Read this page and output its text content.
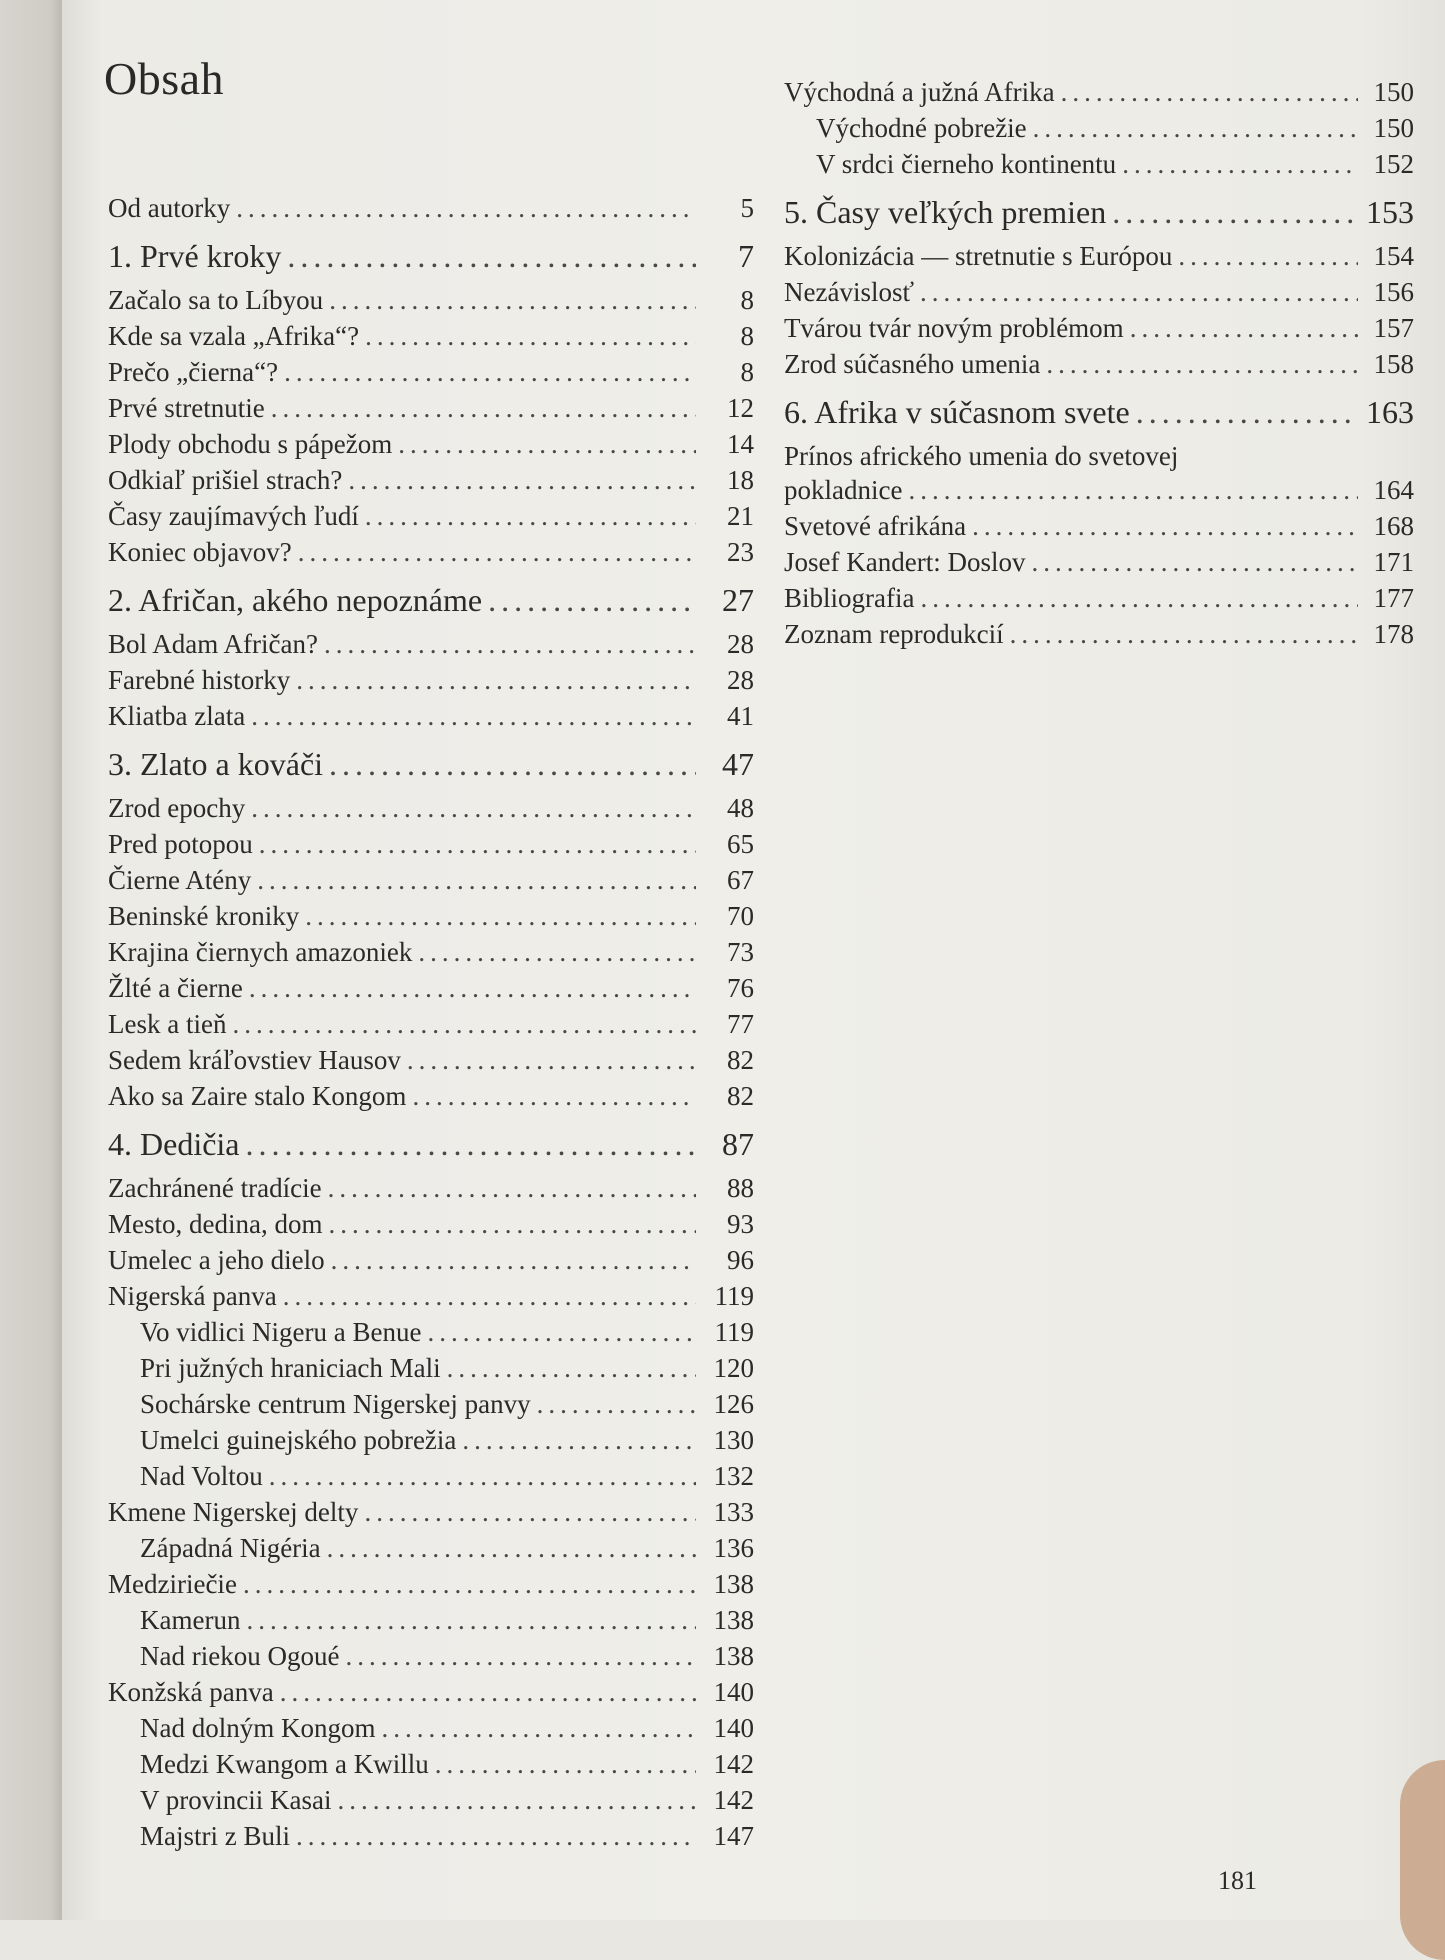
Obsah
Od autorky .....	5
1. Prvé kroky .....	7
Začalo sa to Líbyou .....	8
Kde sa vzala „Afrika“? .....	8
Prečo „čierna“? .....	8
Prvé stretnutie .....	12
Plody obchodu s pápežom .....	14
Odkiaľ prišiel strach? .....	18
Časy zaujímavých ľudí .....	21
Koniec objavov? .....	23
2. Afričan, akého nepoznáme .....	27
Bol Adam Afričan? .....	28
Farebné historky .....	28
Kliatba zlata .....	41
3. Zlato a kováči .....	47
Zrod epochy .....	48
Pred potopou .....	65
Čierne Atény .....	67
Beninské kroniky .....	70
Krajina čiernych amazoniek .....	73
Žlté a čierne .....	76
Lesk a tieň .....	77
Sedem kráľovstiev Hausov .....	82
Ako sa Zaire stalo Kongom .....	82
4. Dedičia .....	87
Zachránené tradície .....	88
Mesto, dedina, dom .....	93
Umelec a jeho dielo .....	96
Nigerská panva .....	119
Vo vidlici Nigeru a Benue .....	119
Pri južných hraniciach Mali .....	120
Sochárske centrum Nigerskej panvy .....	126
Umelci guinejského pobrežia .....	130
Nad Voltou .....	132
Kmene Nigerskej delty .....	133
Západná Nigéria .....	136
Medziriečie .....	138
Kamerun .....	138
Nad riekou Ogoué .....	138
Konžská panva .....	140
Nad dolným Kongom .....	140
Medzi Kwangom a Kwillu .....	142
V provincii Kasai .....	142
Majstri z Buli .....	147
Východná a južná Afrika .....	150
Východné pobrežie .....	150
V srdci čierneho kontinentu .....	152
5. Časy veľkých premien .....	153
Kolonizácia — stretnutie s Európou .....	154
Nezávislosť .....	156
Tvárou tvár novým problémom .....	157
Zrod súčasného umenia .....	158
6. Afrika v súčasnom svete .....	163
Prínos afrického umenia do svetovej
pokladnice .....	164
Svetové afrikána .....	168
Josef Kandert: Doslov .....	171
Bibliografia .....	177
Zoznam reprodukcií .....	178
181
